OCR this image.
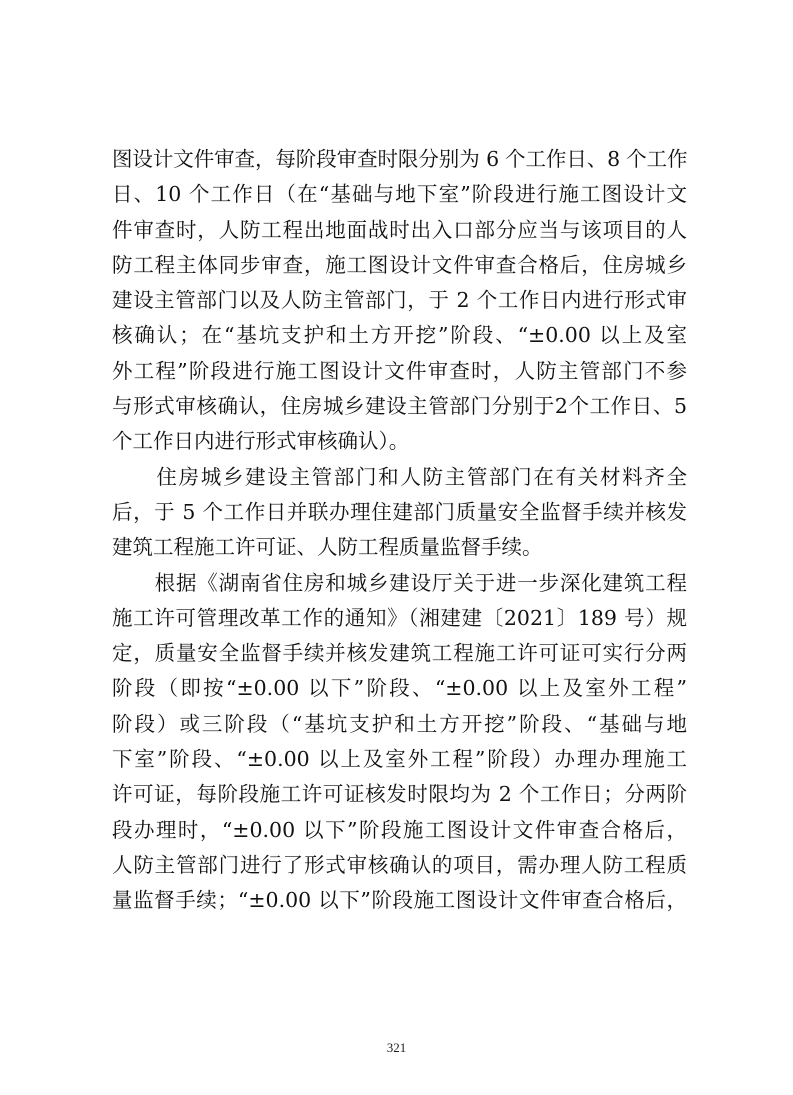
图设计文件审查，每阶段审查时限分别为 6 个工作日、8 个工作
日、10 个工作日（在“基础与地下室”阶段进行施工图设计文
件审查时，人防工程出地面战时出入口部分应当与该项目的人
防工程主体同步审查，施工图设计文件审查合格后，住房城乡
建设主管部门以及人防主管部门，于 2 个工作日内进行形式审
核确认；在“基坑支护和土方开挖”阶段、“±0.00 以上及室
外工程”阶段进行施工图设计文件审查时，人防主管部门不参
与形式审核确认，住房城乡建设主管部门分别于2个工作日、5
个工作日内进行形式审核确认）。
　　住房城乡建设主管部门和人防主管部门在有关材料齐全
后，于 5 个工作日并联办理住建部门质量安全监督手续并核发
建筑工程施工许可证、人防工程质量监督手续。
　　根据《湖南省住房和城乡建设厅关于进一步深化建筑工程
施工许可管理改革工作的通知》（湘建建〔2021〕189 号）规
定，质量安全监督手续并核发建筑工程施工许可证可实行分两
阶段（即按“±0.00 以下”阶段、“±0.00 以上及室外工程”
阶段）或三阶段（“基坑支护和土方开挖”阶段、“基础与地
下室”阶段、“±0.00 以上及室外工程”阶段）办理办理施工
许可证，每阶段施工许可证核发时限均为 2 个工作日；分两阶
段办理时，“±0.00 以下”阶段施工图设计文件审查合格后，
人防主管部门进行了形式审核确认的项目，需办理人防工程质
量监督手续；“±0.00 以下”阶段施工图设计文件审查合格后，
321
